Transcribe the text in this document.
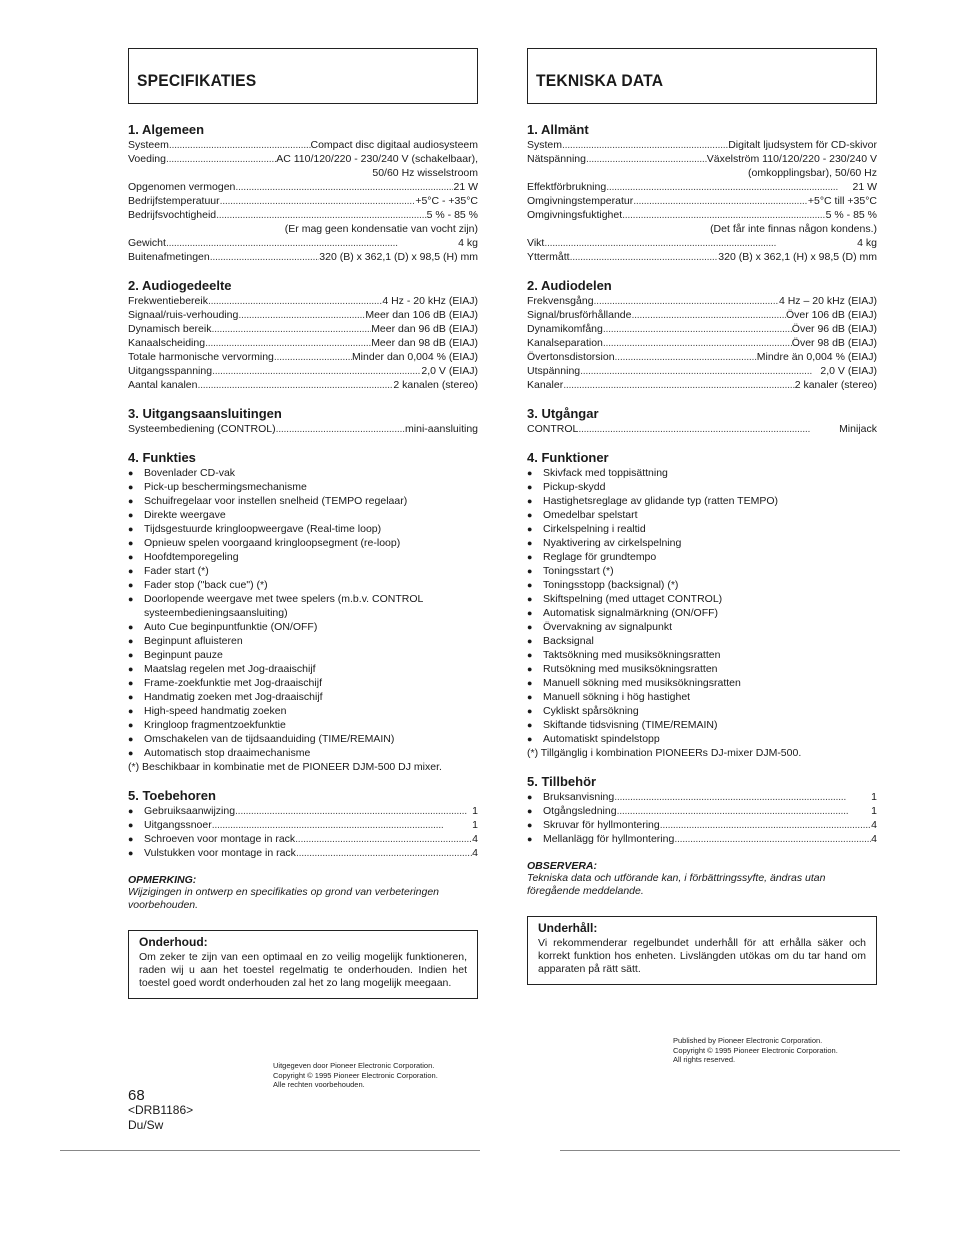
SPECIFIKATIES
1. Algemeen
Systeem . . .	Compact disc digitaal audiosysteem
Voeding . . .	AC 110/120/220 - 230/240 V (schakelbaar),
50/60 Hz wisselstroom
Opgenomen vermogen . . .	21 W
Bedrijfstemperatuur . . .	+5°C - +35°C
Bedrijfsvochtigheid . . .	5 % - 85 %
(Er mag geen kondensatie van vocht zijn)
Gewicht . . .	4 kg
Buitenafmetingen . . .	320 (B) x 362,1 (D) x 98,5 (H) mm
2. Audiogedeelte
Frekwentiebereik . . .	4 Hz - 20 kHz (EIAJ)
Signaal/ruis-verhouding . . .	Meer dan 106 dB (EIAJ)
Dynamisch bereik . . .	Meer dan 96 dB (EIAJ)
Kanaalscheiding . . .	Meer dan 98 dB (EIAJ)
Totale harmonische vervorming . . .	Minder dan 0,004 % (EIAJ)
Uitgangsspanning . . .	2,0 V (EIAJ)
Aantal kanalen . . .	2 kanalen (stereo)
3. Uitgangsaansluitingen
Systeembediening (CONTROL) . . .	mini-aansluiting
4. Funkties
● Bovenlader CD-vak
● Pick-up beschermingsmechanisme
● Schuifregelaar voor instellen snelheid (TEMPO regelaar)
● Direkte weergave
● Tijdsgestuurde kringloopweergave (Real-time loop)
● Opnieuw spelen voorgaand kringloopsegment (re-loop)
● Hoofdtemporegeling
● Fader start (*)
● Fader stop ("back cue") (*)
● Doorlopende weergave met twee spelers (m.b.v. CONTROL systeembedieningsaansluiting)
● Auto Cue beginpuntfunktie (ON/OFF)
● Beginpunt afluisteren
● Beginpunt pauze
● Maatslag regelen met Jog-draaischijf
● Frame-zoekfunktie met Jog-draaischijf
● Handmatig zoeken met Jog-draaischijf
● High-speed handmatig zoeken
● Kringloop fragmentzoekfunktie
● Omschakelen van de tijdsaanduiding (TIME/REMAIN)
● Automatisch stop draaimechanisme
(*) Beschikbaar in kombinatie met de PIONEER DJM-500 DJ mixer.
5. Toebehoren
● Gebruiksaanwijzing . . .	1
● Uitgangssnoer . . .	1
● Schroeven voor montage in rack . . .	4
● Vulstukken voor montage in rack . . .	4
OPMERKING:
Wijzigingen in ontwerp en specifikaties op grond van verbeteringen voorbehouden.
Onderhoud:
Om zeker te zijn van een optimaal en zo veilig mogelijk funktioneren, raden wij u aan het toestel regelmatig te onderhouden. Indien het toestel goed wordt onderhouden zal het zo lang mogelijk meegaan.
TEKNISKA DATA
1. Allmänt
System . . .	Digitalt ljudsystem för CD-skivor
Nätspänning . . .	Växelström 110/120/220 - 230/240 V
(omkopplingsbar), 50/60 Hz
Effektförbrukning . . .	21 W
Omgivningstemperatur . . .	+5°C till +35°C
Omgivningsfuktighet . . .	5 % - 85 %
(Det får inte finnas någon kondens.)
Vikt . . .	4 kg
Yttermått . . .	320 (B) x 362,1 (H) x 98,5 (D) mm
2. Audiodelen
Frekvensgång . . .	4 Hz – 20 kHz (EIAJ)
Signal/brusförhållande . . .	Över 106 dB (EIAJ)
Dynamikomfång . . .	Över 96 dB (EIAJ)
Kanalseparation . . .	Över 98 dB (EIAJ)
Övertonsdistorsion . . .	Mindre än 0,004 % (EIAJ)
Utspänning . . .	2,0 V (EIAJ)
Kanaler . . .	2 kanaler (stereo)
3. Utgångar
CONTROL . . .	Minijack
4. Funktioner
● Skivfack med toppisättning
● Pickup-skydd
● Hastighetsreglage av glidande typ (ratten TEMPO)
● Omedelbar spelstart
● Cirkelspelning i realtid
● Nyaktivering av cirkelspelning
● Reglage för grundtempo
● Toningsstart (*)
● Toningsstopp (backsignal) (*)
● Skiftspelning (med uttaget CONTROL)
● Automatisk signalmärkning (ON/OFF)
● Övervakning av signalpunkt
● Backsignal
● Taktsökning med musiksökningsratten
● Rutsökning med musiksökningsratten
● Manuell sökning med musiksökningsratten
● Manuell sökning i hög hastighet
● Cykliskt spårsökning
● Skiftande tidsvisning (TIME/REMAIN)
● Automatiskt spindelstopp
(*) Tillgänglig i kombination PIONEERs DJ-mixer DJM-500.
5. Tillbehör
● Bruksanvisning . . .	1
● Otgångsledning . . .	1
● Skruvar för hyllmontering . . .	4
● Mellanlägg för hyllmontering . . .	4
OBSERVERA:
Tekniska data och utförande kan, i förbättringssyfte, ändras utan föregående meddelande.
Underhåll:
Vi rekommenderar regelbundet underhåll för att erhålla säker och korrekt funktion hos enheten. Livslängden utökas om du tar hand om apparaten på rätt sätt.
Uitgegeven door Pioneer Electronic Corporation.
Copyright © 1995 Pioneer Electronic Corporation.
Alle rechten voorbehouden.
Published by Pioneer Electronic Corporation.
Copyright © 1995 Pioneer Electronic Corporation.
All rights reserved.
68
<DRB1186>
Du/Sw
